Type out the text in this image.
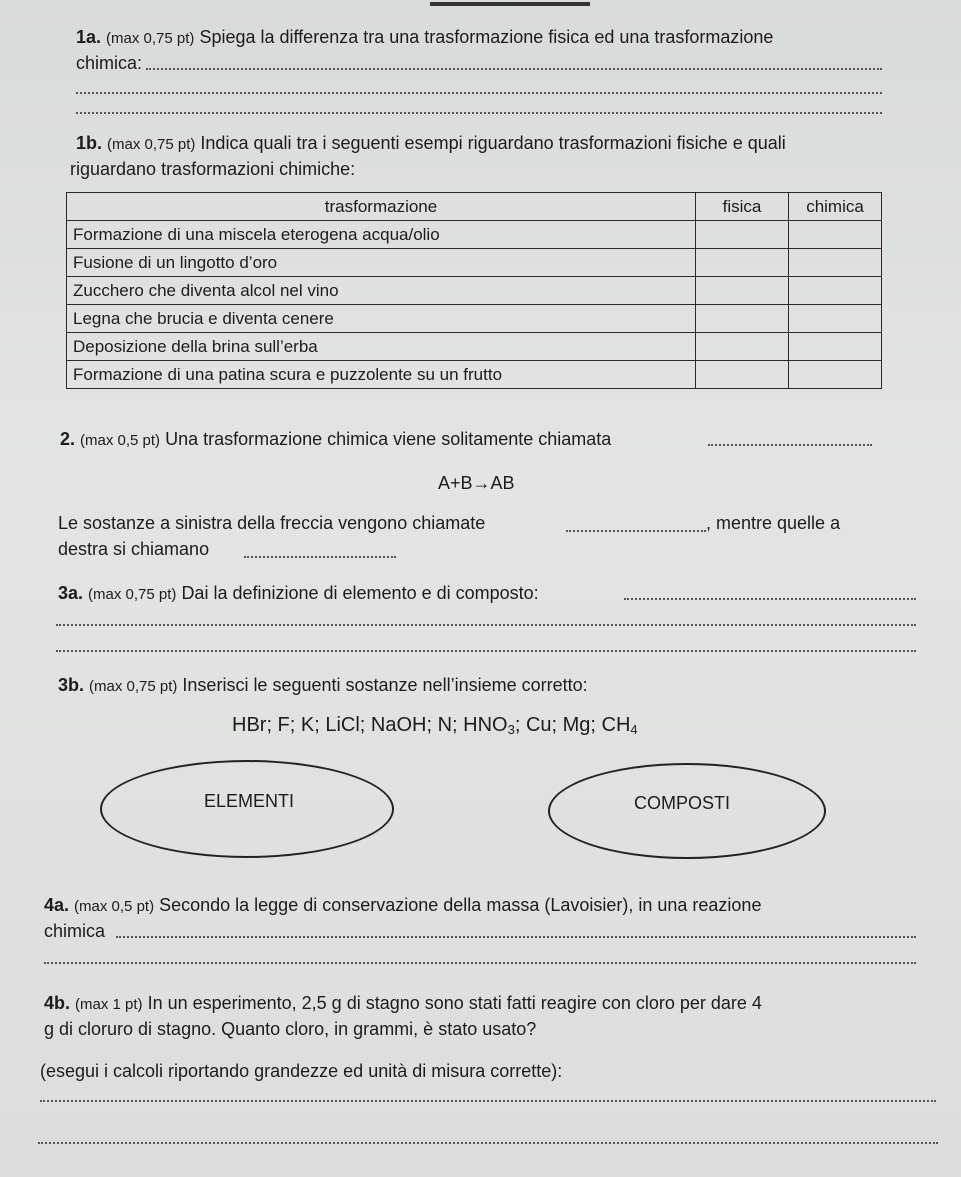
1a. (max 0,75 pt) Spiega la differenza tra una trasformazione fisica ed una trasformazione
chimica:
1b. (max 0,75 pt) Indica quali tra i seguenti esempi riguardano trasformazioni fisiche e quali
riguardano trasformazioni chimiche:
trasformazione	fisica	chimica
Formazione di una miscela eterogena acqua/olio		
Fusione di un lingotto d’oro		
Zucchero che diventa alcol nel vino		
Legna che brucia e diventa cenere		
Deposizione della brina sull’erba		
Formazione di una patina scura e puzzolente su un frutto		
2. (max 0,5 pt) Una trasformazione chimica viene solitamente chiamata
A+B→AB
Le sostanze a sinistra della freccia vengono chiamate	, mentre quelle a
destra si chiamano
3a. (max 0,75 pt) Dai la definizione di elemento e di composto:
3b. (max 0,75 pt) Inserisci le seguenti sostanze nell’insieme corretto:
HBr; F; K; LiCl; NaOH; N; $HNO_3$; Cu; Mg; $CH_4$
ELEMENTI	COMPOSTI
4a. (max 0,5 pt) Secondo la legge di conservazione della massa (Lavoisier), in una reazione
chimica
4b. (max 1 pt) In un esperimento, 2,5 g di stagno sono stati fatti reagire con cloro per dare 4
g di cloruro di stagno. Quanto cloro, in grammi, è stato usato?
(esegui i calcoli riportando grandezze ed unità di misura corrette):
